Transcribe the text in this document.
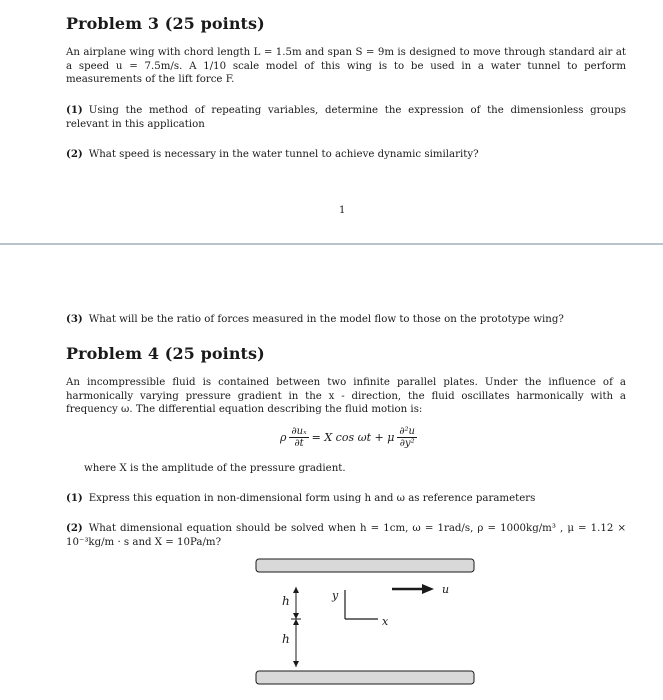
Problem 3 (25 points)
An airplane wing with chord length L = 1.5m and span S = 9m is designed to move through standard air at a speed u = 7.5m/s. A 1/10 scale model of this wing is to be used in a water tunnel to perform measurements of the lift force F.
(1) Using the method of repeating variables, determine the expression of the dimensionless groups relevant in this application
(2) What speed is necessary in the water tunnel to achieve dynamic similarity?
1
(3) What will be the ratio of forces measured in the model flow to those on the prototype wing?
Problem 4 (25 points)
An incompressible fluid is contained between two infinite parallel plates. Under the influence of a harmonically varying pressure gradient in the x - direction, the fluid oscillates harmonically with a frequency ω. The differential equation describing the fluid motion is:
ρ $\frac{\text{∂uₓ}}{\partial t} = X$ cos ωt + μ $\frac{\text{∂²u}}{\text{∂y²}}$
where X is the amplitude of the pressure gradient.
(1) Express this equation in non-dimensional form using h and ω as reference parameters
(2) What dimensional equation should be solved when h = 1cm, ω = 1rad/s, ρ = 1000kg/m³ , μ = 1.12 × 10⁻³kg/m · s and X = 10Pa/m?
h
h
y
x
u
